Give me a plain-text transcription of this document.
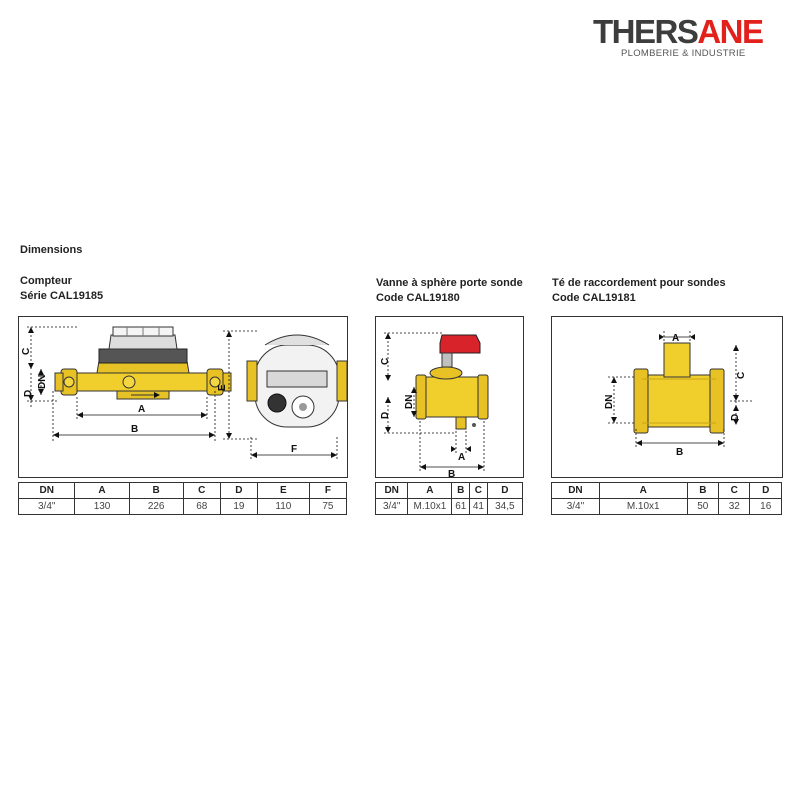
THERSANE
PLOMBERIE & INDUSTRIE
Dimensions
Compteur
Série CAL19185
Vanne à sphère porte sonde
Code CAL19180
Té de raccordement pour sondes
Code CAL19181
C
D
DN
A
B
E
F
DN	A	B	C	D	E	F
3/4"	130	226	68	19	110	75
C
D
DN
A
B
DN	A	B	C	D
3/4"	M.10x1	61	41	34,5
A
DN
C
D
B
DN	A	B	C	D
3/4"	M.10x1	50	32	16
